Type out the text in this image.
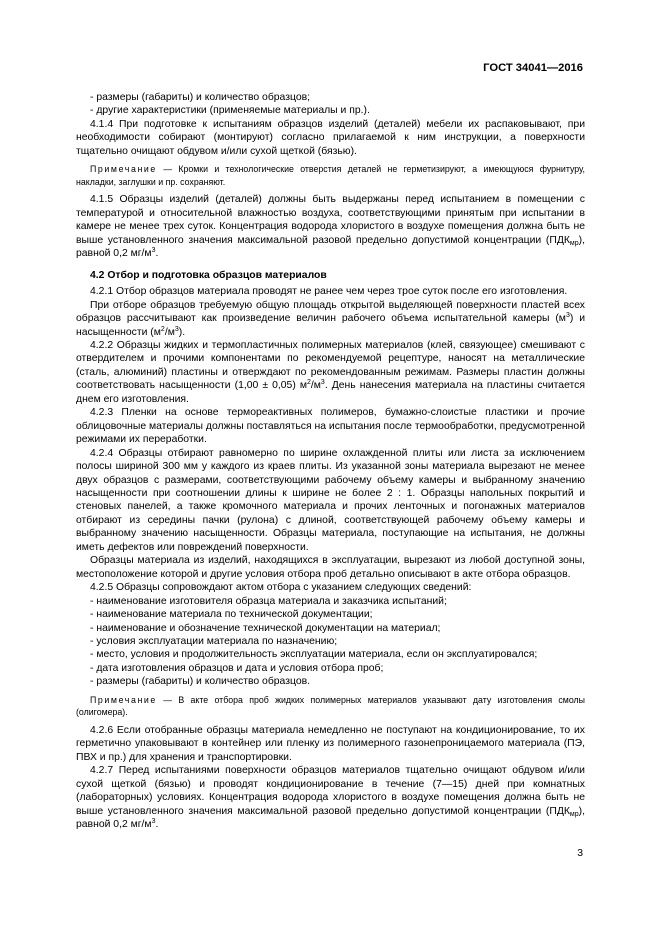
ГОСТ 34041—2016

- размеры (габариты) и количество образцов;

- другие характеристики (применяемые материалы и пр.).

4.1.4 При подготовке к испытаниям образцов изделий (деталей) мебели их распаковывают, при необходимости собирают (монтируют) согласно прилагаемой к ним инструкции, а поверхности тщательно очищают обдувом и/или сухой щеткой (бязью).

Примечание — Кромки и технологические отверстия деталей не герметизируют, а имеющуюся фурнитуру, накладки, заглушки и пр. сохраняют.

4.1.5 Образцы изделий (деталей) должны быть выдержаны перед испытанием в помещении с температурой и относительной влажностью воздуха, соответствующими принятым при испытании в камере не менее трех суток. Концентрация водорода хлористого в воздухе помещения должна быть не выше установленного значения максимальной разовой предельно допустимой концентрации $(ПДК_{мр})$, равной 0,2 $мг/м^3$.

4.2 Отбор и подготовка образцов материалов

4.2.1 Отбор образцов материала проводят не ранее чем через трое суток после его изготовления.

При отборе образцов требуемую общую площадь открытой выделяющей поверхности пластей всех образцов рассчитывают как произведение величин рабочего объема испытательной камеры $(м^3)$ и насыщенности $(м^2/м^3)$.

4.2.2 Образцы жидких и термопластичных полимерных материалов (клей, связующее) смешивают с отвердителем и прочими компонентами по рекомендуемой рецептуре, наносят на металлические (сталь, алюминий) пластины и отверждают по рекомендованным режимам. Размеры пластин должны соответствовать насыщенности (1,00 ± 0,05) $м^2/м^3$. День нанесения материала на пластины считается днем его изготовления.

4.2.3 Пленки на основе термореактивных полимеров, бумажно-слоистые пластики и прочие облицовочные материалы должны поставляться на испытания после термообработки, предусмотренной режимами их переработки.

4.2.4 Образцы отбирают равномерно по ширине охлажденной плиты или листа за исключением полосы шириной 300 мм у каждого из краев плиты. Из указанной зоны материала вырезают не менее двух образцов с размерами, соответствующими рабочему объему камеры и выбранному значению насыщенности при соотношении длины к ширине не более 2 : 1. Образцы напольных покрытий и стеновых панелей, а также кромочного материала и прочих ленточных и погонажных материалов отбирают из середины пачки (рулона) с длиной, соответствующей рабочему объему камеры и выбранному значению насыщенности. Образцы материала, поступающие на испытания, не должны иметь дефектов или повреждений поверхности.

Образцы материала из изделий, находящихся в эксплуатации, вырезают из любой доступной зоны, местоположение которой и другие условия отбора проб детально описывают в акте отбора образцов.

4.2.5 Образцы сопровождают актом отбора с указанием следующих сведений:

- наименование изготовителя образца материала и заказчика испытаний;

- наименование материала по технической документации;

- наименование и обозначение технической документации на материал;

- условия эксплуатации материала по назначению;

- место, условия и продолжительность эксплуатации материала, если он эксплуатировался;

- дата изготовления образцов и дата и условия отбора проб;

- размеры (габариты) и количество образцов.

Примечание — В акте отбора проб жидких полимерных материалов указывают дату изготовления смолы (олигомера).

4.2.6 Если отобранные образцы материала немедленно не поступают на кондиционирование, то их герметично упаковывают в контейнер или пленку из полимерного газонепроницаемого материала (ПЭ, ПВХ и пр.) для хранения и транспортировки.

4.2.7 Перед испытаниями поверхности образцов материалов тщательно очищают обдувом и/или сухой щеткой (бязью) и проводят кондиционирование в течение (7—15) дней при комнатных (лабораторных) условиях. Концентрация водорода хлористого в воздухе помещения должна быть не выше установленного значения максимальной разовой предельно допустимой концентрации $(ПДК_{мр})$, равной 0,2 $мг/м^3$.

3
